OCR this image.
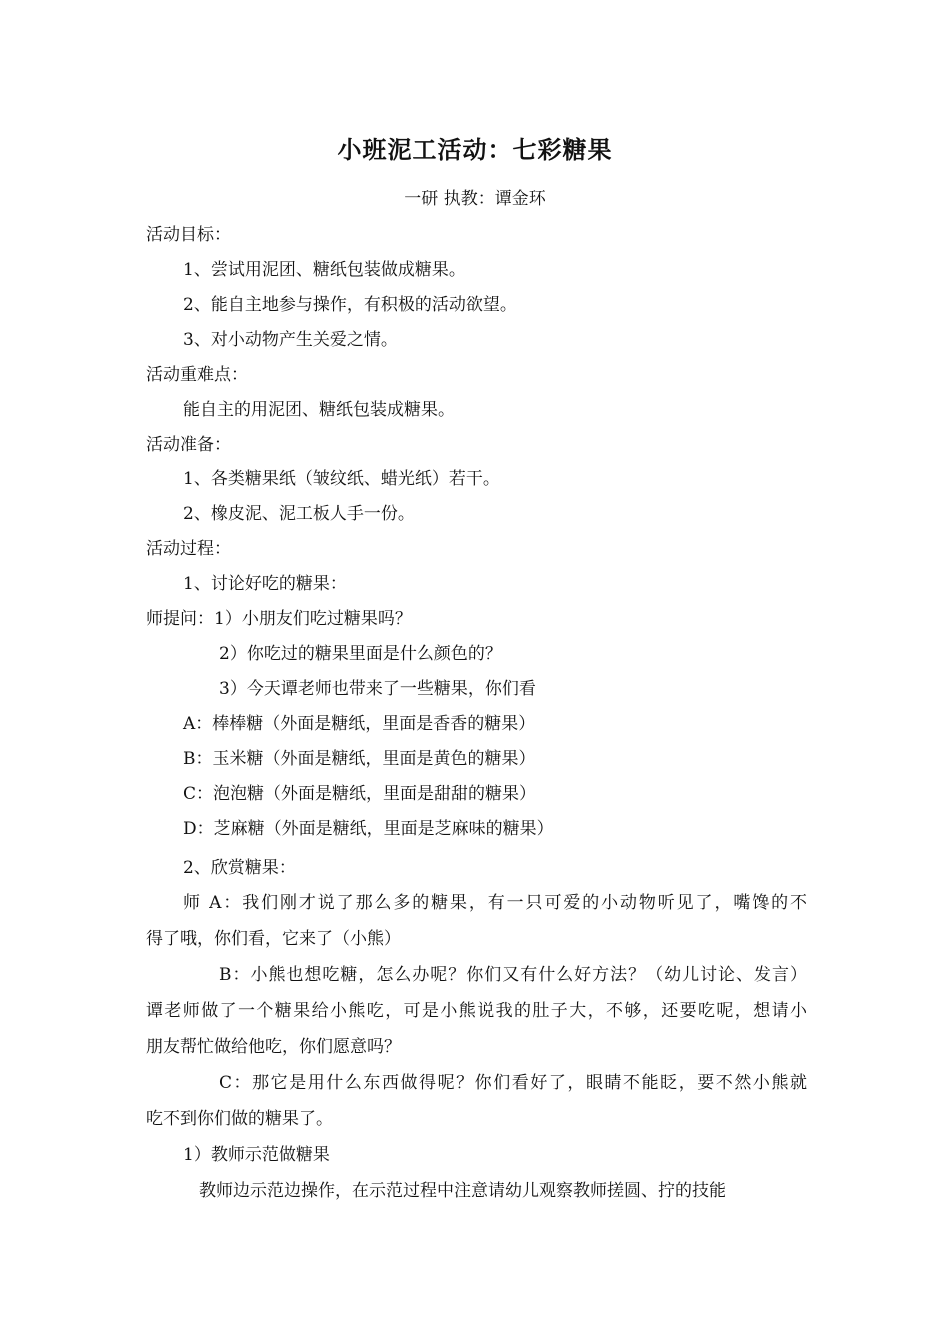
小班泥工活动：七彩糖果
一研 执教：谭金环
活动目标：
1、尝试用泥团、糖纸包装做成糖果。
2、能自主地参与操作，有积极的活动欲望。
3、对小动物产生关爱之情。
活动重难点：
能自主的用泥团、糖纸包装成糖果。
活动准备：
1、各类糖果纸（皱纹纸、蜡光纸）若干。
2、橡皮泥、泥工板人手一份。
活动过程：
1、讨论好吃的糖果：
师提问：1）小朋友们吃过糖果吗？
2）你吃过的糖果里面是什么颜色的？
3）今天谭老师也带来了一些糖果，你们看
A：棒棒糖（外面是糖纸，里面是香香的糖果）
B：玉米糖（外面是糖纸，里面是黄色的糖果）
C：泡泡糖（外面是糖纸，里面是甜甜的糖果）
D：芝麻糖（外面是糖纸，里面是芝麻味的糖果）
2、欣赏糖果：
师 A：我们刚才说了那么多的糖果，有一只可爱的小动物听见了，嘴馋的不
得了哦，你们看，它来了（小熊）
B：小熊也想吃糖，怎么办呢？你们又有什么好方法？（幼儿讨论、发言）
谭老师做了一个糖果给小熊吃，可是小熊说我的肚子大，不够，还要吃呢，想请小
朋友帮忙做给他吃，你们愿意吗？
C：那它是用什么东西做得呢？你们看好了，眼睛不能眨，要不然小熊就
吃不到你们做的糖果了。
1）教师示范做糖果
教师边示范边操作，在示范过程中注意请幼儿观察教师搓圆、拧的技能
